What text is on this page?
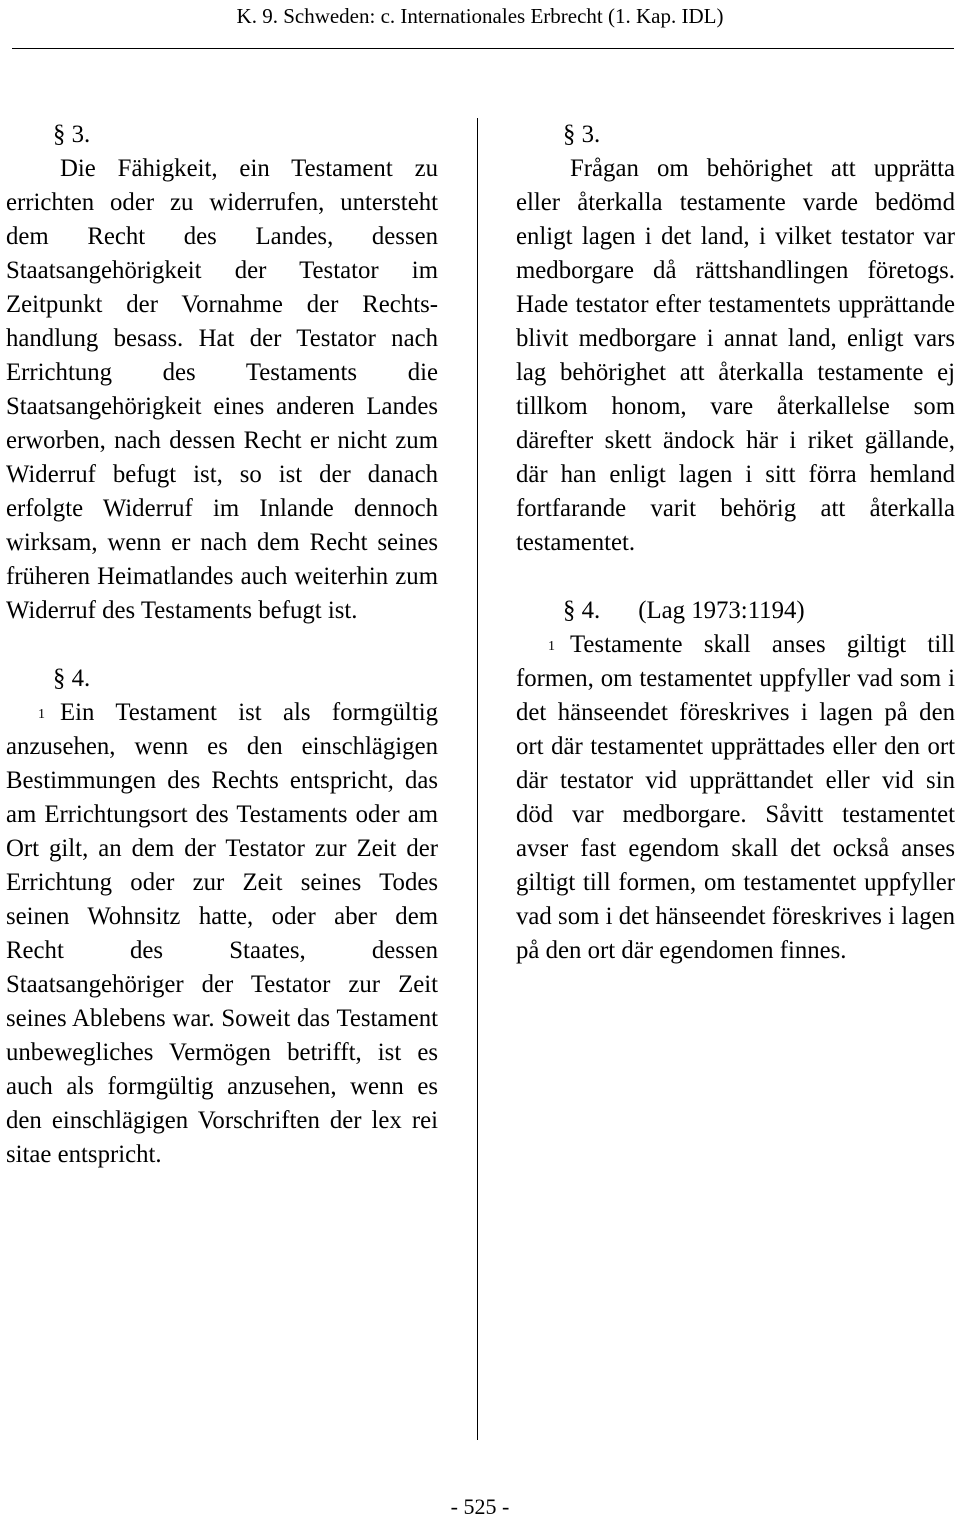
K. 9. Schweden: c. Internationales Erbrecht (1. Kap. IDL)
§ 3.

Die Fähigkeit, ein Testament zu errichten oder zu widerrufen, untersteht dem Recht des Landes, dessen Staatsangehörigkeit der Testator im Zeitpunkt der Vornahme der Rechtshandlung besass. Hat der Testator nach Errichtung des Testaments die Staatsangehörigkeit eines anderen Landes erworben, nach dessen Recht er nicht zum Widerruf befugt ist, so ist der danach erfolgte Widerruf im Inlande dennoch wirksam, wenn er nach dem Recht seines früheren Heimatlandes auch weiterhin zum Widerruf des Testaments befugt ist.

§ 4.

$^1$ Ein Testament ist als formgültig anzusehen, wenn es den einschlägigen Bestimmungen des Rechts entspricht, das am Errichtungsort des Testaments oder am Ort gilt, an dem der Testator zur Zeit der Errichtung oder zur Zeit seines Todes seinen Wohnsitz hatte, oder aber dem Recht des Staates, dessen Staatsangehöriger der Testator zur Zeit seines Ablebens war. Soweit das Testament unbewegliches Vermögen betrifft, ist es auch als formgültig anzusehen, wenn es den einschlägigen Vorschriften der lex rei sitae entspricht.

§ 3.

Frågan om behörighet att upprätta eller återkalla testamente varde bedömd enligt lagen i det land, i vilket testator var medborgare då rättshandlingen företogs. Hade testator efter testamentets upprättande blivit medborgare i annat land, enligt vars lag behörighet att återkalla testamente ej tillkom honom, vare återkallelse som därefter skett ändock här i riket gällande, där han enligt lagen i sitt förra hemland fortfarande varit behörig att återkalla testamentet.

§ 4. (Lag 1973:1194)

$^1$ Testamente skall anses giltigt till formen, om testamentet uppfyller vad som i det hänseendet föreskrives i lagen på den ort där testamentet upprättades eller den ort där testator vid upprättandet eller vid sin död var medborgare. Såvitt testamentet avser fast egendom skall det också anses giltigt till formen, om testamentet uppfyller vad som i det hänseendet föreskrives i lagen på den ort där egendomen finnes.

- 525 -
